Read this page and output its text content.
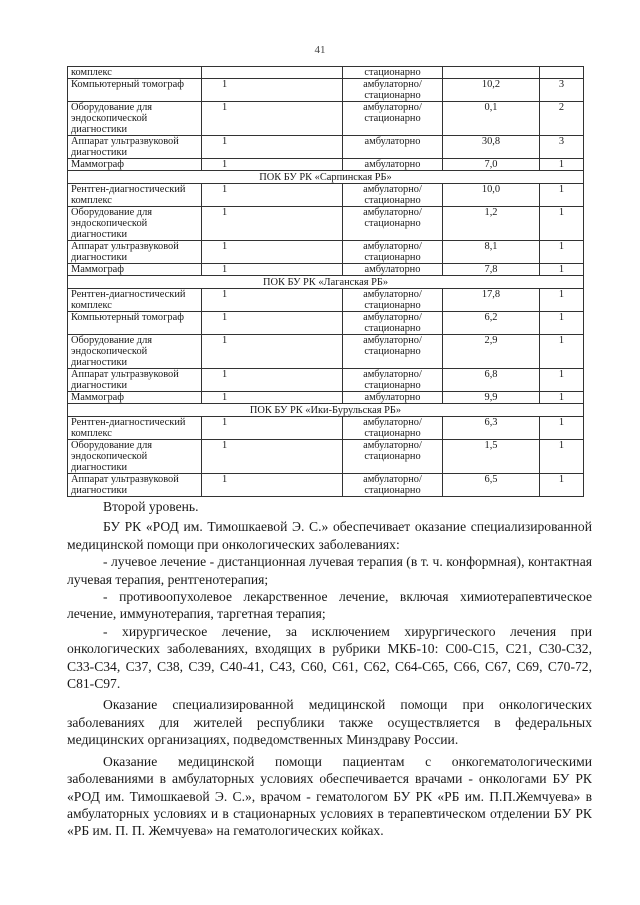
41
комплекс		стационарно		
Компьютерный томограф	1	амбулаторно/ стационарно	10,2	3
Оборудование для эндоскопической диагностики	1	амбулаторно/ стационарно	0,1	2
Аппарат ультразвуковой диагностики	1	амбулаторно	30,8	3
Маммограф	1	амбулаторно	7,0	1
ПОК БУ РК «Сарпинская РБ»				
Рентген-диагностический комплекс	1	амбулаторно/ стационарно	10,0	1
Оборудование для эндоскопической диагностики	1	амбулаторно/ стационарно	1,2	1
Аппарат ультразвуковой диагностики	1	амбулаторно/ стационарно	8,1	1
Маммограф	1	амбулаторно	7,8	1
ПОК БУ РК «Лаганская РБ»				
Рентген-диагностический комплекс	1	амбулаторно/ стационарно	17,8	1
Компьютерный томограф	1	амбулаторно/ стационарно	6,2	1
Оборудование для эндоскопической диагностики	1	амбулаторно/ стационарно	2,9	1
Аппарат ультразвуковой диагностики	1	амбулаторно/ стационарно	6,8	1
Маммограф	1	амбулаторно	9,9	1
ПОК БУ РК «Ики-Бурульская РБ»				
Рентген-диагностический комплекс	1	амбулаторно/ стационарно	6,3	1
Оборудование для эндоскопической диагностики	1	амбулаторно/ стационарно	1,5	1
Аппарат ультразвуковой диагностики	1	амбулаторно/ стационарно	6,5	1

Второй уровень.

БУ РК «РОД им. Тимошкаевой Э. С.» обеспечивает оказание специализированной медицинской помощи при онкологических заболеваниях:

- лучевое лечение - дистанционная лучевая терапия (в т. ч. конформная), контактная лучевая терапия, рентгенотерапия;

- противоопухолевое лекарственное лечение, включая химиотерапевтическое лечение, иммунотерапия, таргетная терапия;

- хирургическое лечение, за исключением хирургического лечения при онкологических заболеваниях, входящих в рубрики МКБ-10: С00-С15, С21, С30-С32, С33-С34, С37, С38, С39, С40-41, С43, С60, С61, С62, С64-С65, С66, С67, С69, С70-72, С81-С97.

Оказание специализированной медицинской помощи при онкологических заболеваниях для жителей республики также осуществляется в федеральных медицинских организациях, подведомственных Минздраву России.

Оказание медицинской помощи пациентам с онкогематологическими заболеваниями в амбулаторных условиях обеспечивается врачами - онкологами БУ РК «РОД им. Тимошкаевой Э. С.», врачом - гематологом БУ РК «РБ им. П.П.Жемчуева» в амбулаторных условиях и в стационарных условиях в терапевтическом отделении БУ РК «РБ им. П. П. Жемчуева» на гематологических койках.
